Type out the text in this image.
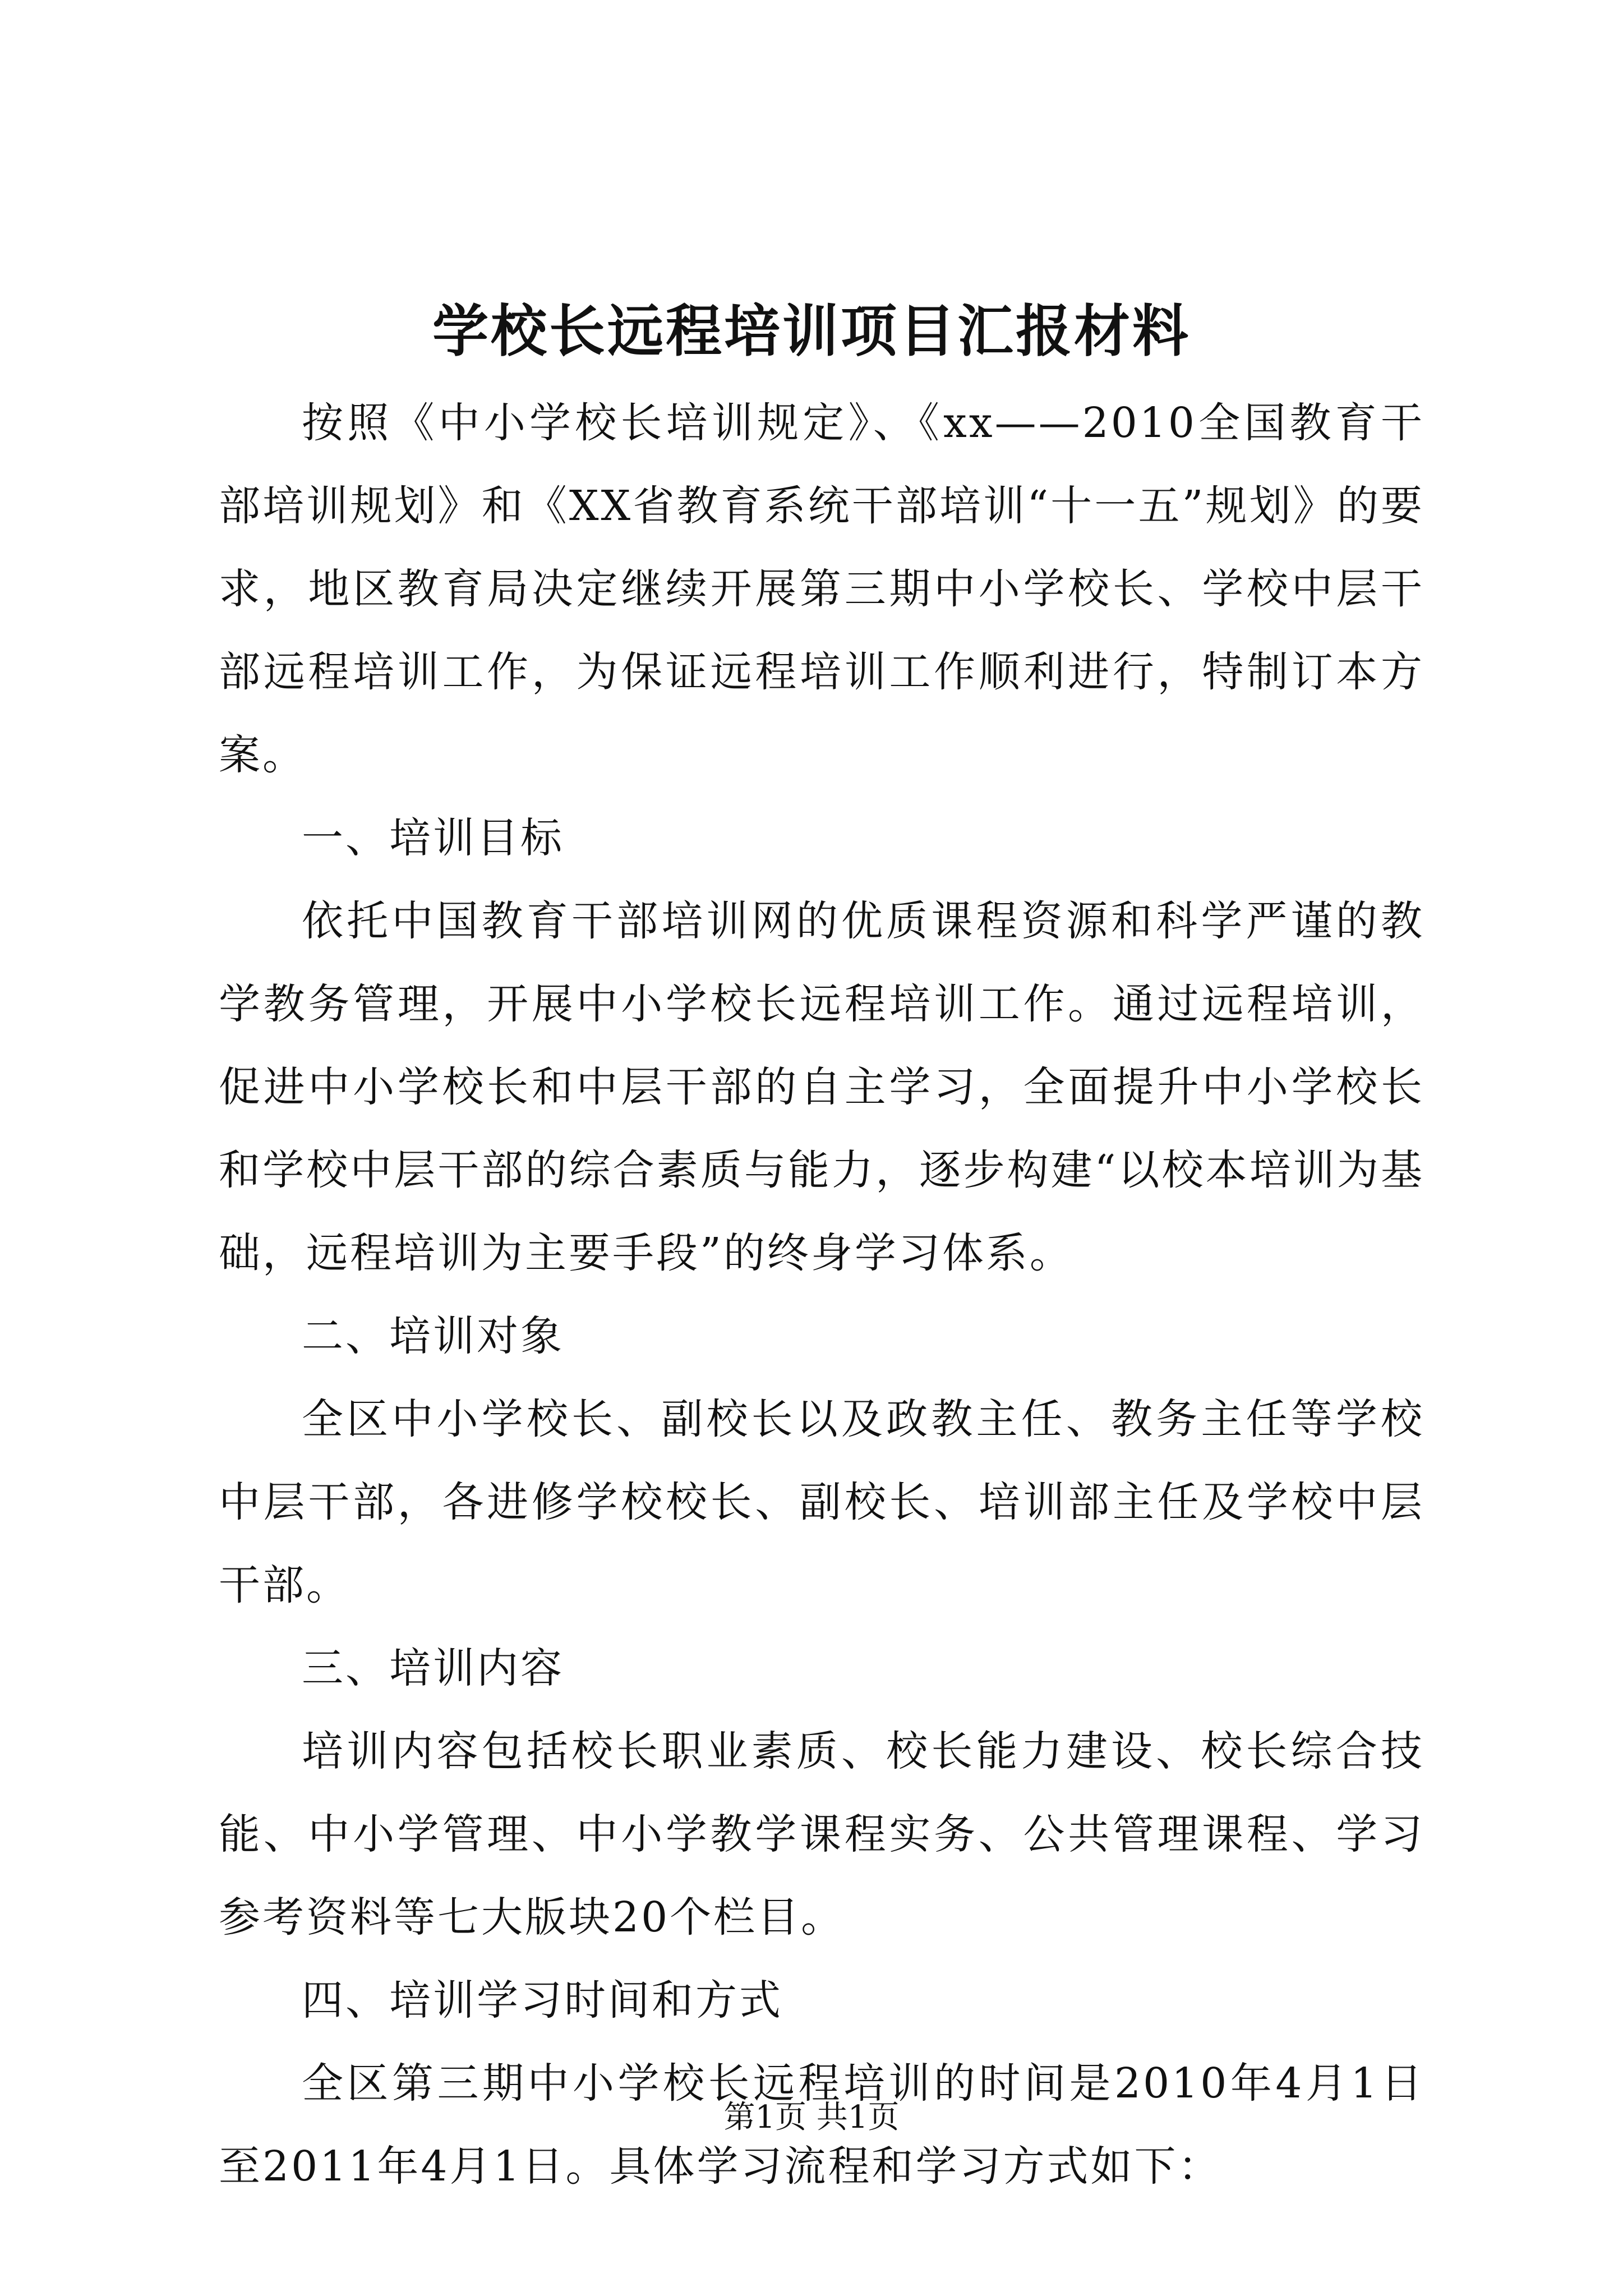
学校长远程培训项目汇报材料

按照《中小学校长培训规定》、《xx——2010全国教育干部培训规划》和《XX省教育系统干部培训“十一五”规划》的要求，地区教育局决定继续开展第三期中小学校长、学校中层干部远程培训工作，为保证远程培训工作顺利进行，特制订本方案。

一、培训目标

依托中国教育干部培训网的优质课程资源和科学严谨的教学教务管理，开展中小学校长远程培训工作。通过远程培训，促进中小学校长和中层干部的自主学习，全面提升中小学校长和学校中层干部的综合素质与能力，逐步构建“以校本培训为基础，远程培训为主要手段”的终身学习体系。

二、培训对象

全区中小学校长、副校长以及政教主任、教务主任等学校中层干部，各进修学校校长、副校长、培训部主任及学校中层干部。

三、培训内容

培训内容包括校长职业素质、校长能力建设、校长综合技能、中小学管理、中小学教学课程实务、公共管理课程、学习参考资料等七大版块20个栏目。

四、培训学习时间和方式

全区第三期中小学校长远程培训的时间是2010年4月1日至2011年4月1日。具体学习流程和学习方式如下：

第1页 共1页
